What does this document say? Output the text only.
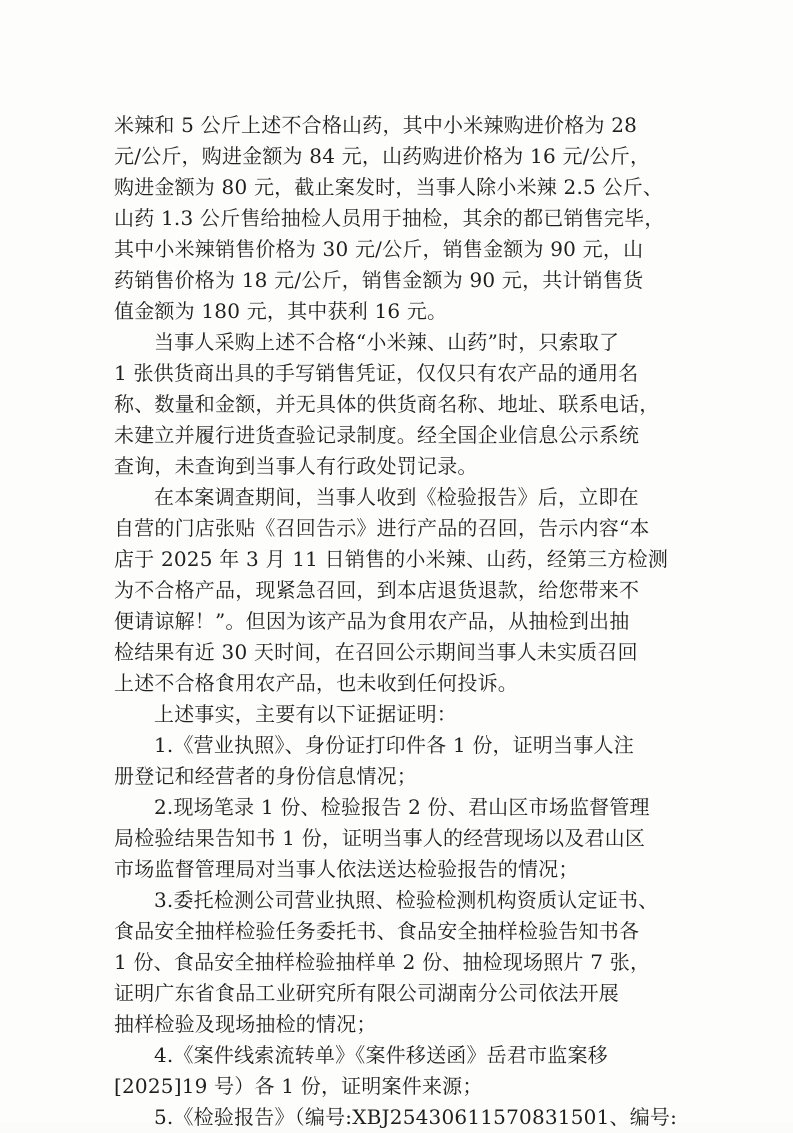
米辣和 5 公斤上述不合格山药，其中小米辣购进价格为 28
元/公斤，购进金额为 84 元，山药购进价格为 16 元/公斤，
购进金额为 80 元，截止案发时，当事人除小米辣 2.5 公斤、
山药 1.3 公斤售给抽检人员用于抽检，其余的都已销售完毕，
其中小米辣销售价格为 30 元/公斤，销售金额为 90 元，山
药销售价格为 18 元/公斤，销售金额为 90 元，共计销售货
值金额为 180 元，其中获利 16 元。

当事人采购上述不合格“小米辣、山药”时，只索取了
1 张供货商出具的手写销售凭证，仅仅只有农产品的通用名
称、数量和金额，并无具体的供货商名称、地址、联系电话，
未建立并履行进货查验记录制度。经全国企业信息公示系统
查询，未查询到当事人有行政处罚记录。

在本案调查期间，当事人收到《检验报告》后，立即在
自营的门店张贴《召回告示》进行产品的召回，告示内容“本
店于 2025 年 3 月 11 日销售的小米辣、山药，经第三方检测
为不合格产品，现紧急召回，到本店退货退款，给您带来不
便请谅解！”。但因为该产品为食用农产品，从抽检到出抽
检结果有近 30 天时间，在召回公示期间当事人未实质召回
上述不合格食用农产品，也未收到任何投诉。

上述事实，主要有以下证据证明：

1.《营业执照》、身份证打印件各 1 份，证明当事人注
册登记和经营者的身份信息情况；

2.现场笔录 1 份、检验报告 2 份、君山区市场监督管理
局检验结果告知书 1 份，证明当事人的经营现场以及君山区
市场监督管理局对当事人依法送达检验报告的情况；

3.委托检测公司营业执照、检验检测机构资质认定证书、
食品安全抽样检验任务委托书、食品安全抽样检验告知书各
1 份、食品安全抽样检验抽样单 2 份、抽检现场照片 7 张，
证明广东省食品工业研究所有限公司湖南分公司依法开展
抽样检验及现场抽检的情况；

4.《案件线索流转单》《案件移送函》岳君市监案移
[2025]19 号）各 1 份，证明案件来源；

5.《检验报告》（编号:XBJ25430611570831501、编号:
